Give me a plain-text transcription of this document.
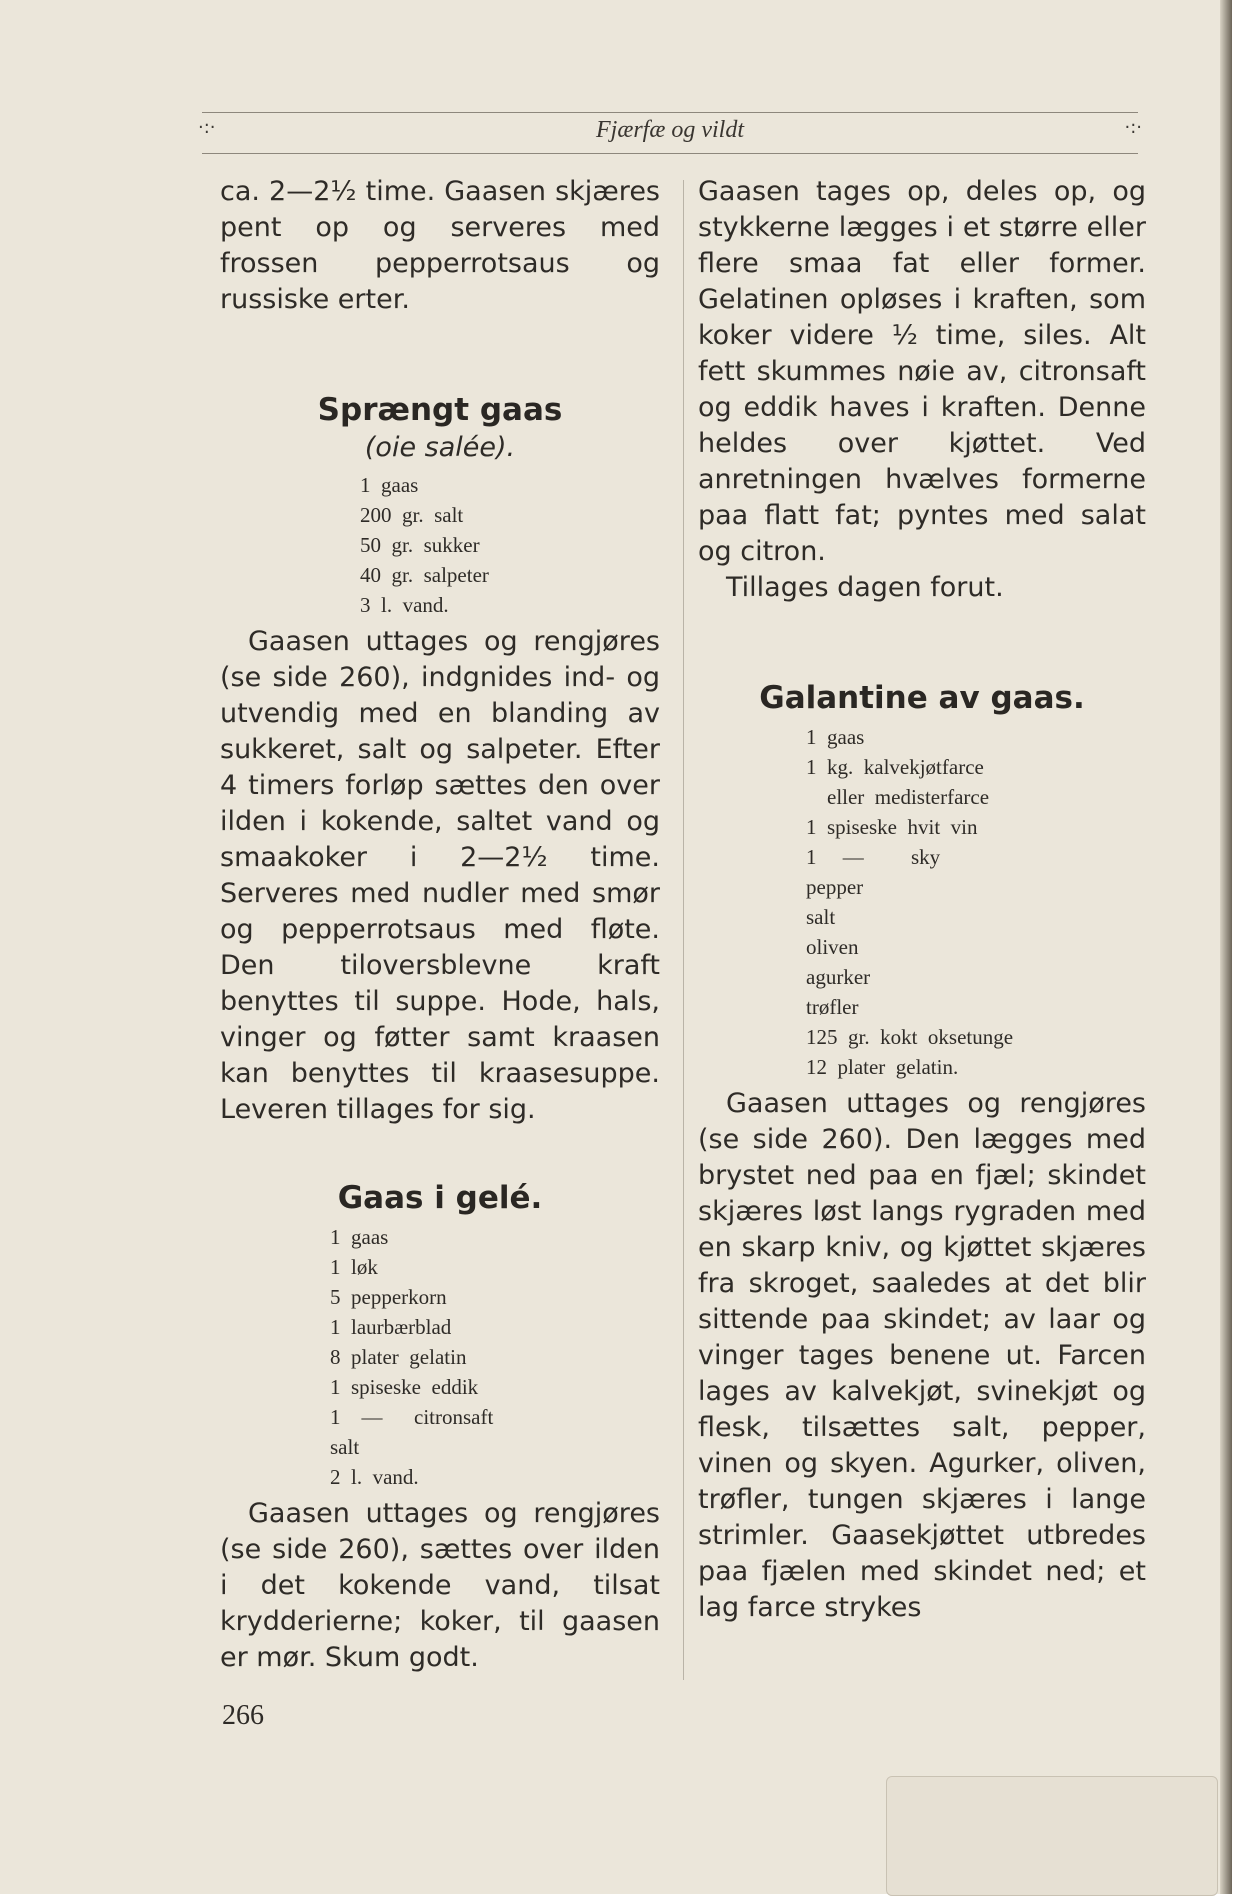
·:·	Fjærfæ og vildt	·:·

ca. 2—2½ time. Gaasen skjæres pent op og serveres med frossen pepperrotsaus og russiske erter.

Sprængt gaas

(oie salée).

1  gaas
200  gr.  salt
50  gr.  sukker
40  gr.  salpeter
3  l.  vand.

Gaasen uttages og rengjøres (se side 260), indgnides ind- og utvendig med en blanding av sukkeret, salt og salpeter. Efter 4 timers forløp sættes den over ilden i kokende, saltet vand og smaakoker i 2—2½ time. Serveres med nudler med smør og pepperrotsaus med fløte. Den tiloversblevne kraft benyttes til suppe. Hode, hals, vinger og føtter samt kraasen kan benyttes til kraasesuppe. Leveren tillages for sig.

Gaas i gelé.
1  gaas
1  løk
5  pepperkorn
1  laurbærblad
8  plater  gelatin
1  spiseske  eddik
1    —      citronsaft
salt
2  l.  vand.

Gaasen uttages og rengjøres (se side 260), sættes over ilden i det kokende vand, tilsat krydderierne; koker, til gaasen er mør. Skum godt.

Gaasen tages op, deles op, og stykkerne lægges i et større eller flere smaa fat eller former. Gelatinen opløses i kraften, som koker videre ½ time, siles. Alt fett skummes nøie av, citronsaft og eddik haves i kraften. Denne heldes over kjøttet. Ved anretningen hvælves formerne paa flatt fat; pyntes med salat og citron.

Tillages dagen forut.

Galantine av gaas.
1  gaas
1  kg.  kalvekjøtfarce
eller  medisterfarce
1  spiseske  hvit  vin
1     —         sky
pepper
salt
oliven
agurker
trøfler
125  gr.  kokt  oksetunge
12  plater  gelatin.

Gaasen uttages og rengjøres (se side 260). Den lægges med brystet ned paa en fjæl; skindet skjæres løst langs rygraden med en skarp kniv, og kjøttet skjæres fra skroget, saaledes at det blir sittende paa skindet; av laar og vinger tages benene ut. Farcen lages av kalvekjøt, svinekjøt og flesk, tilsættes salt, pepper, vinen og skyen. Agurker, oliven, trøfler, tungen skjæres i lange strimler. Gaasekjøttet utbredes paa fjælen med skindet ned; et lag farce strykes

266
